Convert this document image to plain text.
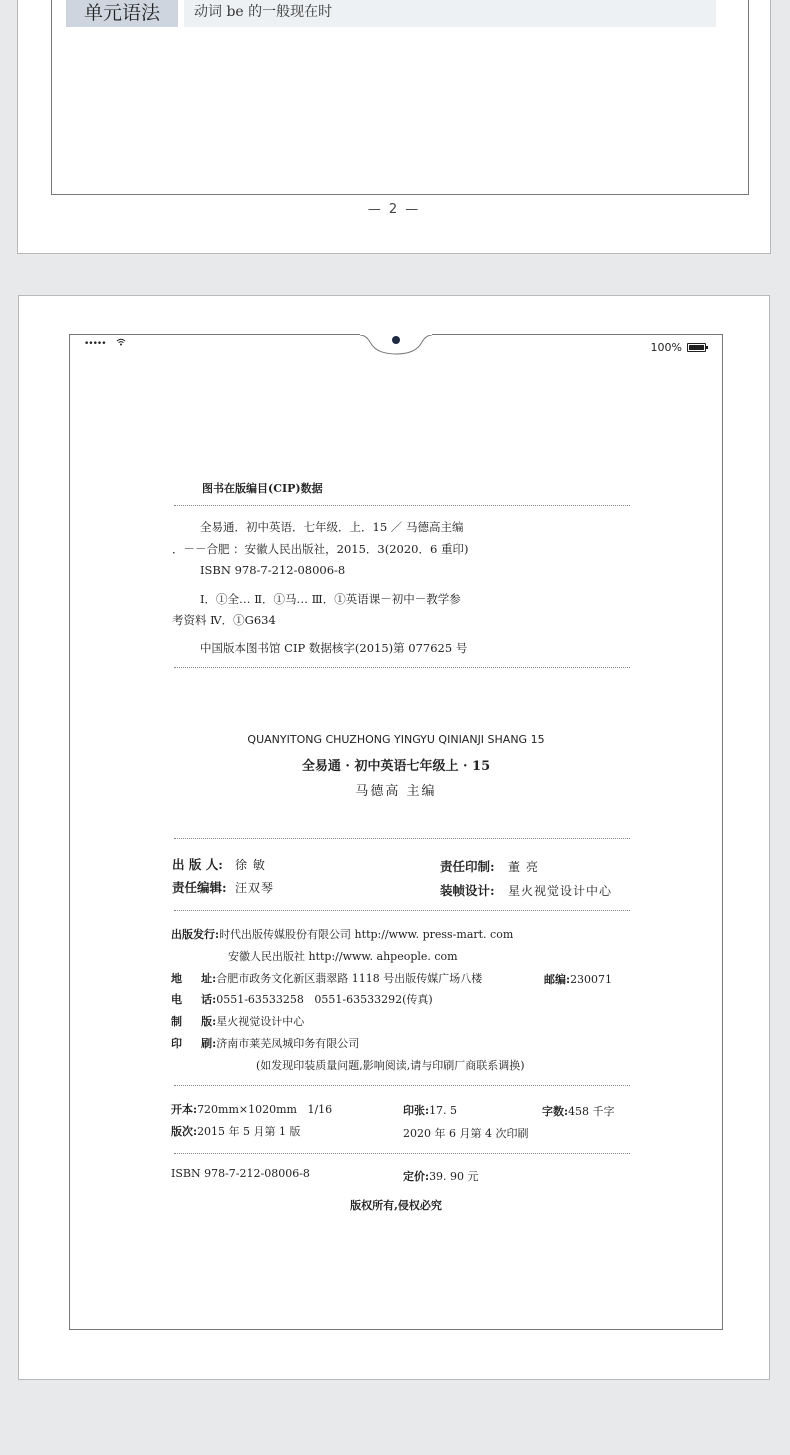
单元语法	动词 be 的一般现在时
— 2 —
•••••	100%
图书在版编目(CIP)数据
全易通．初中英语．七年级．上．15 ／ 马德高主编
．－－合肥 ：安徽人民出版社，2015．3(2020．6 重印)
ISBN 978-7-212-08006-8
Ⅰ．①全… Ⅱ．①马… Ⅲ．①英语课－初中－教学参
考资料 Ⅳ．①G634
中国版本图书馆 CIP 数据核字(2015)第 077625 号
QUANYITONG CHUZHONG YINGYU QINIANJI SHANG 15
全易通 · 初中英语七年级上 · 15
马德高 主编
出 版 人: 徐 敏	责任印制: 董 亮
责任编辑: 汪双琴	装帧设计: 星火视觉设计中心
出版发行:时代出版传媒股份有限公司 http://www. press-mart. com
安徽人民出版社 http://www. ahpeople. com
地     址:合肥市政务文化新区翡翠路 1118 号出版传媒广场八楼	邮编:230071
电     话:0551-63533258   0551-63533292(传真)
制     版:星火视觉设计中心
印     刷:济南市莱芜凤城印务有限公司
(如发现印装质量问题,影响阅读,请与印刷厂商联系调换)
开本:720mm×1020mm   1/16	印张:17. 5	字数:458 千字
版次:2015 年 5 月第 1 版	2020 年 6 月第 4 次印刷
ISBN 978-7-212-08006-8	定价:39. 90 元
版权所有,侵权必究
